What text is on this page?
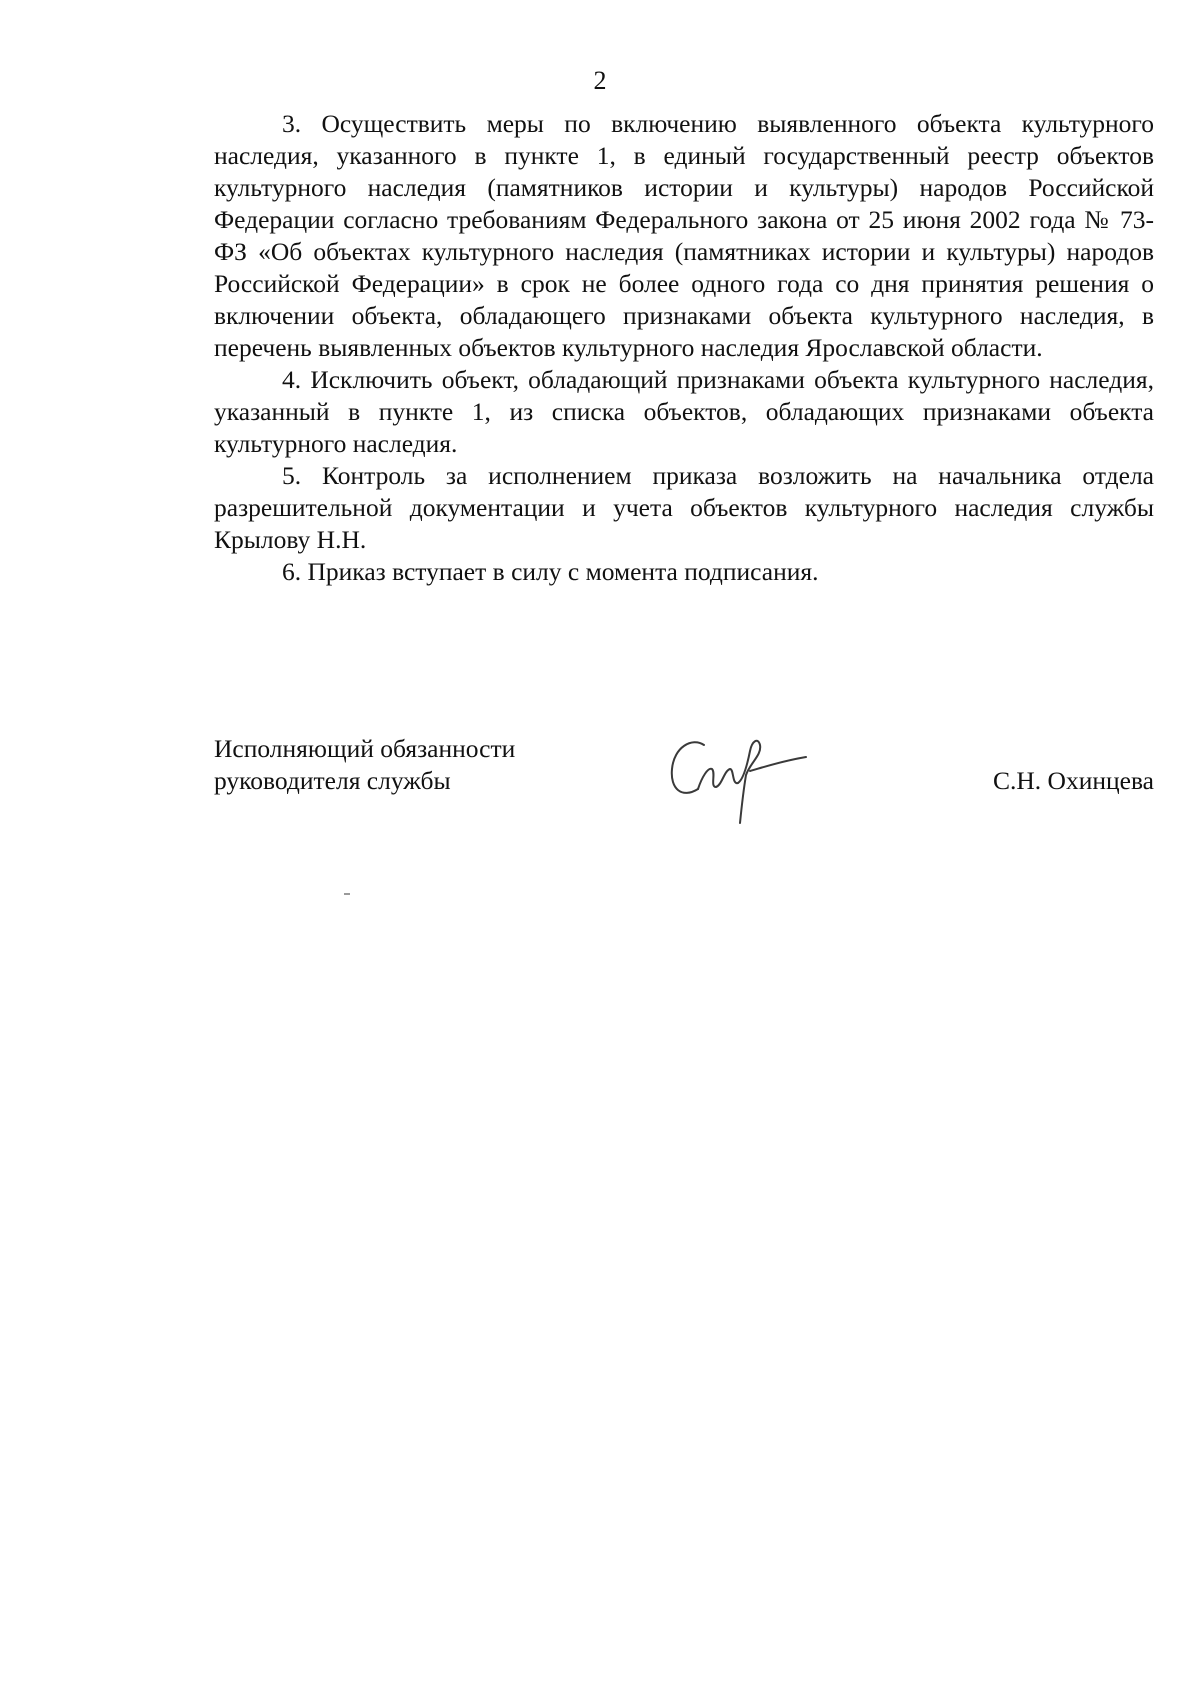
2

3. Осуществить меры по включению выявленного объекта культурного наследия, указанного в пункте 1, в единый государственный реестр объектов культурного наследия (памятников истории и культуры) народов Российской Федерации согласно требованиям Федерального закона от 25 июня 2002 года № 73-ФЗ «Об объектах культурного наследия (памятниках истории и культуры) народов Российской Федерации» в срок не более одного года со дня принятия решения о включении объекта, обладающего признаками объекта культурного наследия, в перечень выявленных объектов культурного наследия Ярославской области.

4. Исключить объект, обладающий признаками объекта культурного наследия, указанный в пункте 1, из списка объектов, обладающих признаками объекта культурного наследия.

5. Контроль за исполнением приказа возложить на начальника отдела разрешительной документации и учета объектов культурного наследия службы Крылову Н.Н.

6. Приказ вступает в силу с момента подписания.

Исполняющий обязанности
руководителя службы	С.Н. Охинцева
